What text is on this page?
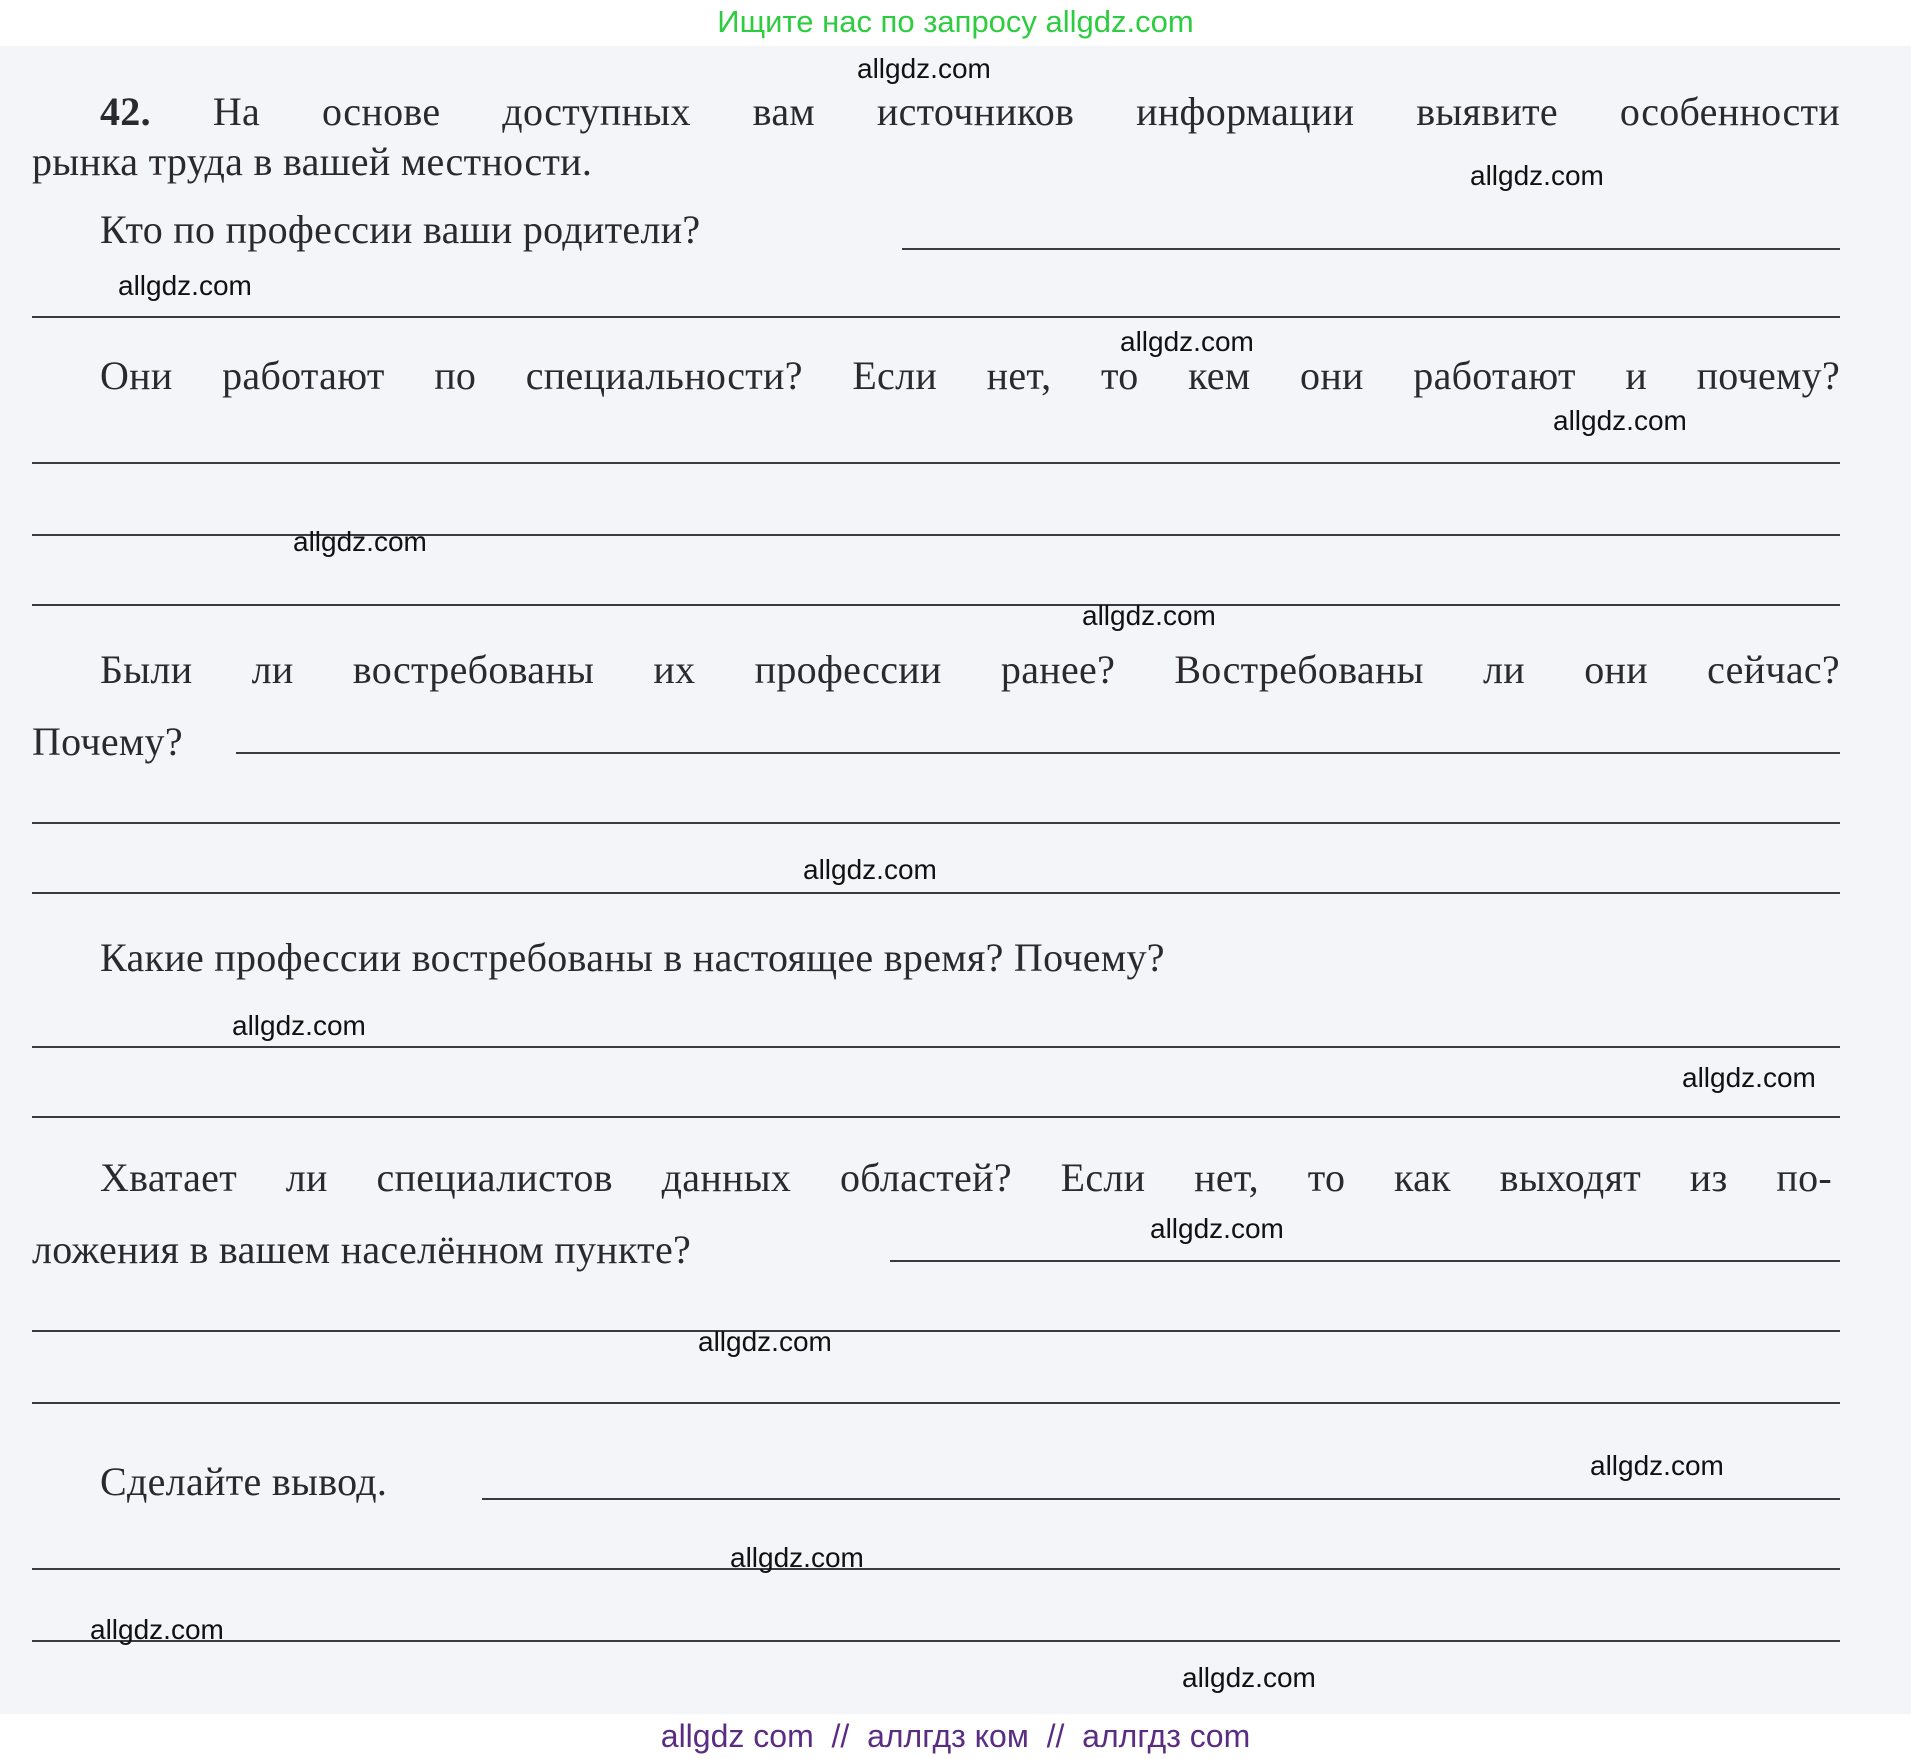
Ищите нас по запросу allgdz.com
42. На основе доступных вам источников информации выявите особенности
рынка труда в вашей местности.
Кто по профессии ваши родители?
Они работают по специальности? Если нет, то кем они работают и почему?
Были ли востребованы их профессии ранее? Востребованы ли они сейчас?
Почему?
Какие профессии востребованы в настоящее время? Почему?
Хватает ли специалистов данных областей? Если нет, то как выходят из по-
ложения в вашем населённом пункте?
Сделайте вывод.
allgdz.com
allgdz.com
allgdz.com
allgdz.com
allgdz.com
allgdz.com
allgdz.com
allgdz.com
allgdz.com
allgdz.com
allgdz.com
allgdz.com
allgdz.com
allgdz.com
allgdz.com
allgdz.com
allgdz com  //  аллгдз ком  //  аллгдз com
